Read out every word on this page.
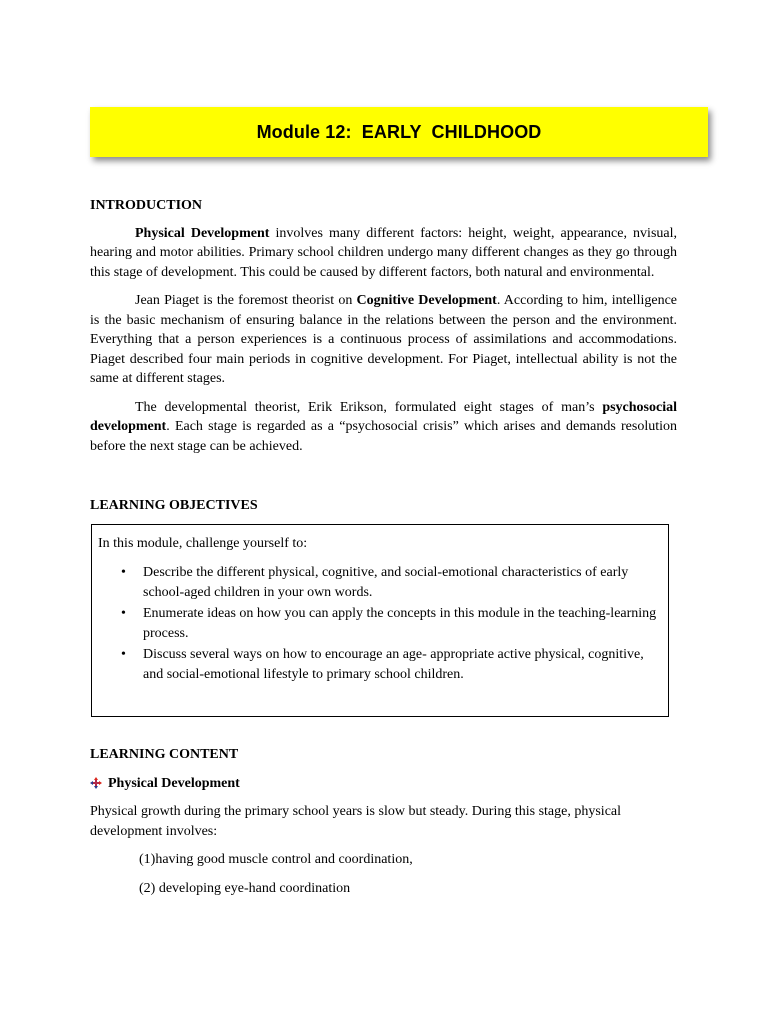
Module 12:  EARLY  CHILDHOOD
INTRODUCTION

Physical Development involves many different factors: height, weight, appearance, nvisual, hearing and motor abilities. Primary school children undergo many different changes as they go through this stage of development. This could be caused by different factors, both natural and environmental.

Jean Piaget is the foremost theorist on Cognitive Development. According to him, intelligence is the basic mechanism of ensuring balance in the relations between the person and the environment. Everything that a person experiences is a continuous process of assimilations and accommodations. Piaget described four main periods in cognitive development. For Piaget, intellectual ability is not the same at different stages.

The developmental theorist, Erik Erikson, formulated eight stages of man’s psychosocial development. Each stage is regarded as a “psychosocial crisis” which arises and demands resolution before the next stage can be achieved.

LEARNING OBJECTIVES

In this module, challenge yourself to:

• Describe the different physical, cognitive, and social-emotional characteristics of early school-aged children in your own words.
• Enumerate ideas on how you can apply the concepts in this module in the teaching-learning process.
• Discuss several ways on how to encourage an age- appropriate active physical, cognitive, and social-emotional lifestyle to primary school children.
LEARNING CONTENT
Physical Development

Physical growth during the primary school years is slow but steady. During this stage, physical development involves:

(1)having good muscle control and coordination,

(2) developing eye-hand coordination
